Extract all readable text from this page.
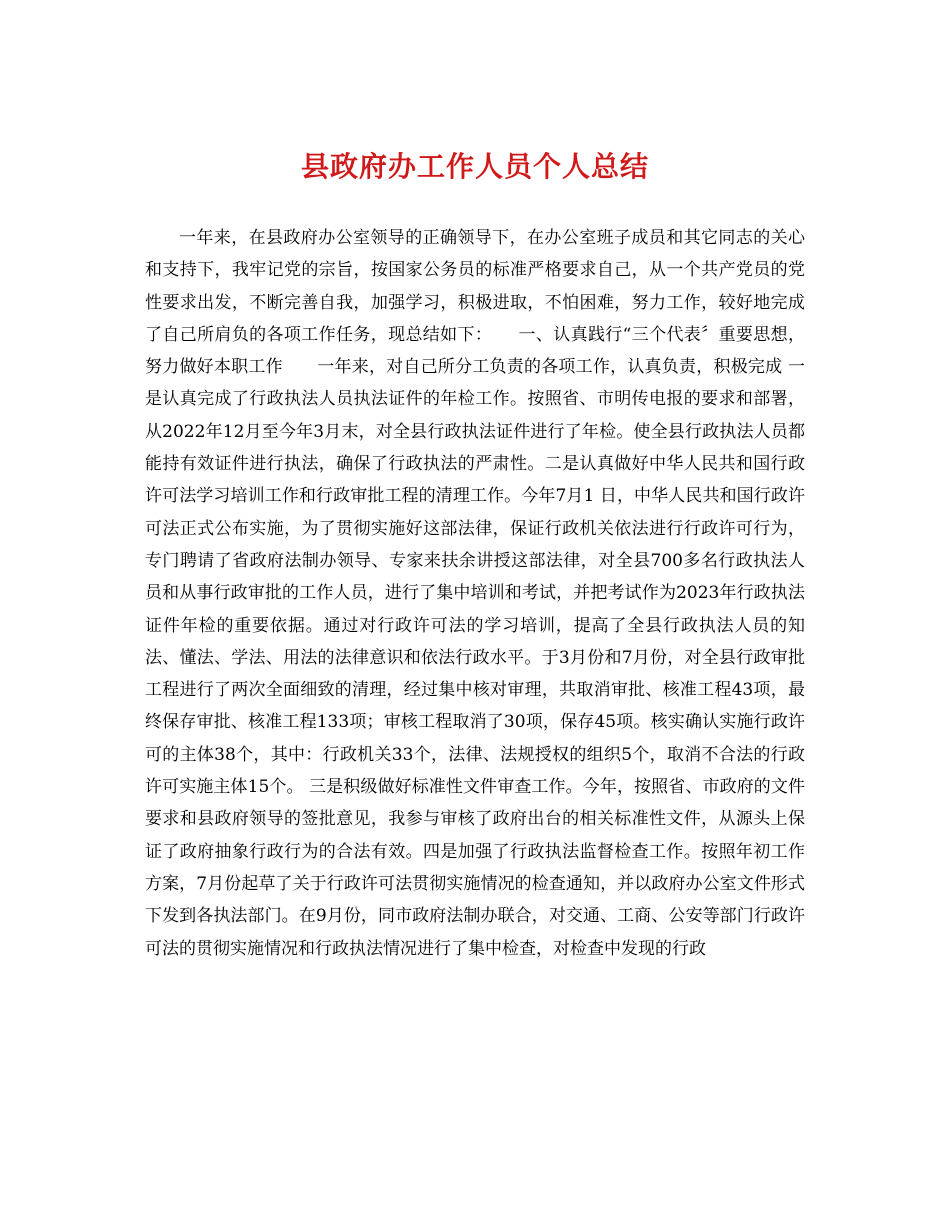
县政府办工作人员个人总结

一年来，在县政府办公室领导的正确领导下，在办公室班子成员和其它同志的关心和支持下，我牢记党的宗旨，按国家公务员的标准严格要求自己，从一个共产党员的党性要求出发，不断完善自我，加强学习，积极进取，不怕困难，努力工作，较好地完成了自己所肩负的各项工作任务，现总结如下：　　一、认真践行“三个代表〞重要思想，努力做好本职工作　　一年来，对自己所分工负责的各项工作，认真负责，积极完成 一是认真完成了行政执法人员执法证件的年检工作。按照省、市明传电报的要求和部署，从2022年12月至今年3月末，对全县行政执法证件进行了年检。使全县行政执法人员都能持有效证件进行执法，确保了行政执法的严肃性。二是认真做好中华人民共和国行政许可法学习培训工作和行政审批工程的清理工作。今年7月1 日，中华人民共和国行政许可法正式公布实施，为了贯彻实施好这部法律，保证行政机关依法进行行政许可行为，专门聘请了省政府法制办领导、专家来扶余讲授这部法律，对全县700多名行政执法人员和从事行政审批的工作人员，进行了集中培训和考试，并把考试作为2023年行政执法证件年检的重要依据。通过对行政许可法的学习培训，提高了全县行政执法人员的知法、懂法、学法、用法的法律意识和依法行政水平。于3月份和7月份，对全县行政审批工程进行了两次全面细致的清理，经过集中核对审理，共取消审批、核准工程43项，最终保存审批、核准工程133项；审核工程取消了30项，保存45项。核实确认实施行政许可的主体38个，其中：行政机关33个，法律、法规授权的组织5个，取消不合法的行政许可实施主体15个。 三是积级做好标准性文件审查工作。今年，按照省、市政府的文件要求和县政府领导的签批意见，我参与审核了政府出台的相关标准性文件，从源头上保证了政府抽象行政行为的合法有效。四是加强了行政执法监督检查工作。按照年初工作方案，7月份起草了关于行政许可法贯彻实施情况的检查通知，并以政府办公室文件形式下发到各执法部门。在9月份，同市政府法制办联合，对交通、工商、公安等部门行政许可法的贯彻实施情况和行政执法情况进行了集中检查，对检查中发现的行政
